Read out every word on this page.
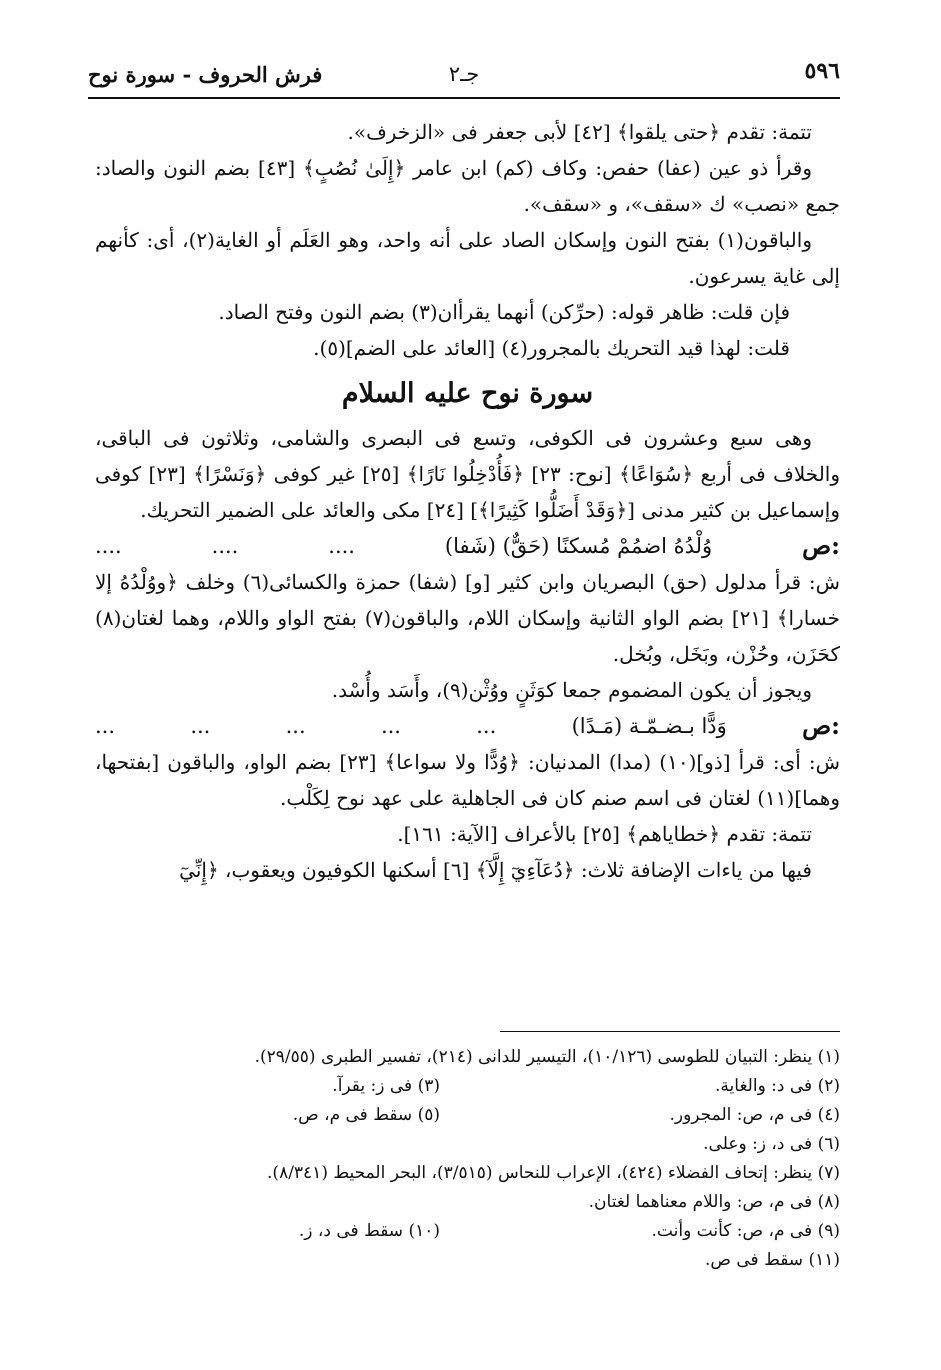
٥٩٦
جـ٢
فرش الحروف - سورة نوح

تتمة: تقدم ﴿حتى يلقوا﴾ [٤٢] لأبى جعفر فى «الزخرف».

وقرأ ذو عين (عفا) حفص: وكاف (كم) ابن عامر ﴿إِلَىٰ نُصُبٍ﴾ [٤٣] بضم النون والصاد: جمع «نصب» ك «سقف»، و «سقف».

والباقون(١) بفتح النون وإسكان الصاد على أنه واحد، وهو العَلَم أو الغاية(٢)، أى: كأنهم إلى غاية يسرعون.

فإن قلت: ظاهر قوله: (حرِّكن) أنهما يقرأان(٣) بضم النون وفتح الصاد.

قلت: لهذا قيد التحريك بالمجرور(٤) [العائد على الضم](٥).

سورة نوح عليه السلام

وهى سبع وعشرون فى الكوفى، وتسع فى البصرى والشامى، وثلاثون فى الباقى، والخلاف فى أربع ﴿سُوَاعًا﴾ [نوح: ٢٣] ﴿فَأُدْخِلُوا نَارًا﴾ [٢٥] غير كوفى ﴿وَنَسْرًا﴾ [٢٣] كوفى وإسماعيل بن كثير مدنى [﴿وَقَدْ أَضَلُّوا كَثِيرًا﴾] [٢٤] مكى والعائد على الضمير التحريك.

....	....	....	وُلْدُهُ اضمُمْ مُسكنًا (حَقٌّ) (شَفا)	ص:

ش: قرأ مدلول (حق) البصريان وابن كثير [و] (شفا) حمزة والكسائى(٦) وخلف ﴿ووُلْدُهُ إلا خسارا﴾ [٢١] بضم الواو الثانية وإسكان اللام، والباقون(٧) بفتح الواو واللام، وهما لغتان(٨) كحَزَن، وحُزْن، وبَخَل، وبُخل.

ويجوز أن يكون المضموم جمعا كوَثَنٍ ووُثْن(٩)، وأَسَد وأُسْد.

...	...	...	...	...	وَدًّا بـضـمّـة (مَـدًا)	ص:

ش: أى: قرأ [ذو](١٠) (مدا) المدنيان: ﴿وُدًّا ولا سواعا﴾ [٢٣] بضم الواو، والباقون [بفتحها، وهما](١١) لغتان فى اسم صنم كان فى الجاهلية على عهد نوح لِكَلْب.

تتمة: تقدم ﴿خطاياهم﴾ [٢٥] بالأعراف [الآية: ١٦١].

فيها من ياءات الإضافة ثلاث: ﴿دُعَآءِيٓ إِلَّآ﴾ [٦] أسكنها الكوفيون ويعقوب، ﴿إِنِّيٓ

(١) ينظر: التبيان للطوسى (١٠/١٢٦)، التيسير للدانى (٢١٤)، تفسير الطبرى (٢٩/٥٥).
(٢) فى د: والغاية.
(٣) فى ز: يقرآ.
(٤) فى م، ص: المجرور.
(٥) سقط فى م، ص.
(٦) فى د، ز: وعلى.
(٧) ينظر: إتحاف الفضلاء (٤٢٤)، الإعراب للنحاس (٣/٥١٥)، البحر المحيط (٨/٣٤١).
(٨) فى م، ص: واللام معناهما لغتان.
(٩) فى م، ص: كأنت وأنت.
(١٠) سقط فى د، ز.
(١١) سقط فى ص.
